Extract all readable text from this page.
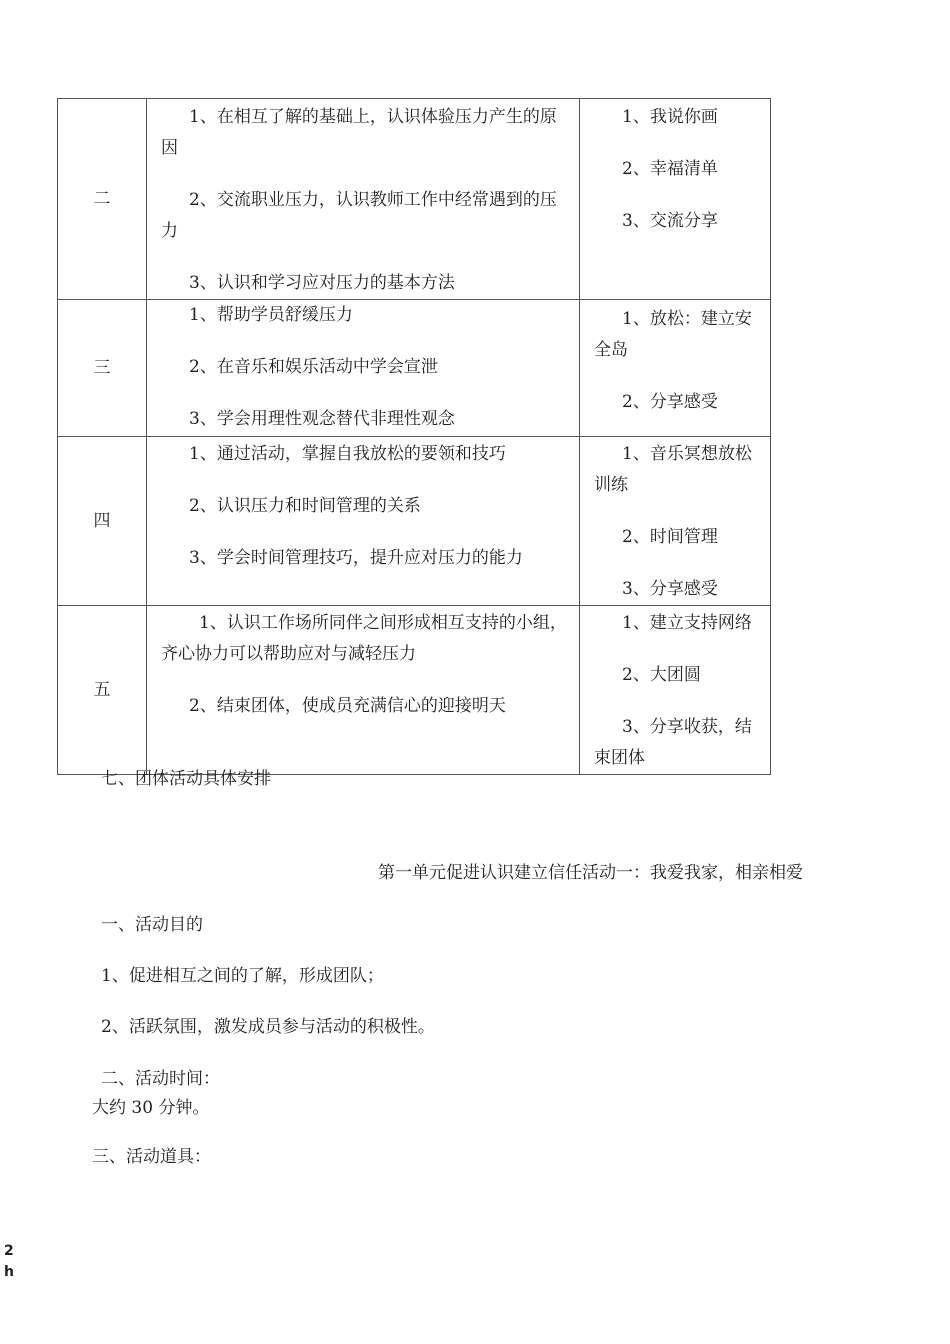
二	1、在相互了解的基础上，认识体验压力产生的原因
2、交流职业压力，认识教师工作中经常遇到的压力
3、认识和学习应对压力的基本方法	1、我说你画
2、幸福清单
3、交流分享

三	1、帮助学员舒缓压力
2、在音乐和娱乐活动中学会宣泄
3、学会用理性观念替代非理性观念	1、放松：建立安全岛
2、分享感受

四	1、通过活动，掌握自我放松的要领和技巧
2、认识压力和时间管理的关系
3、学会时间管理技巧，提升应对压力的能力	1、音乐冥想放松训练
2、时间管理
3、分享感受

五	1、认识工作场所同伴之间形成相互支持的小组，齐心协力可以帮助应对与减轻压力
2、结束团体，使成员充满信心的迎接明天	1、建立支持网络
2、大团圆
3、分享收获，结束团体
七、团体活动具体安排
第一单元促进认识建立信任活动一：我爱我家，相亲相爱
一、活动目的
1、促进相互之间的了解，形成团队；
2、活跃氛围，激发成员参与活动的积极性。
二、活动时间：
大约 30 分钟。
三、活动道具：
2
h
